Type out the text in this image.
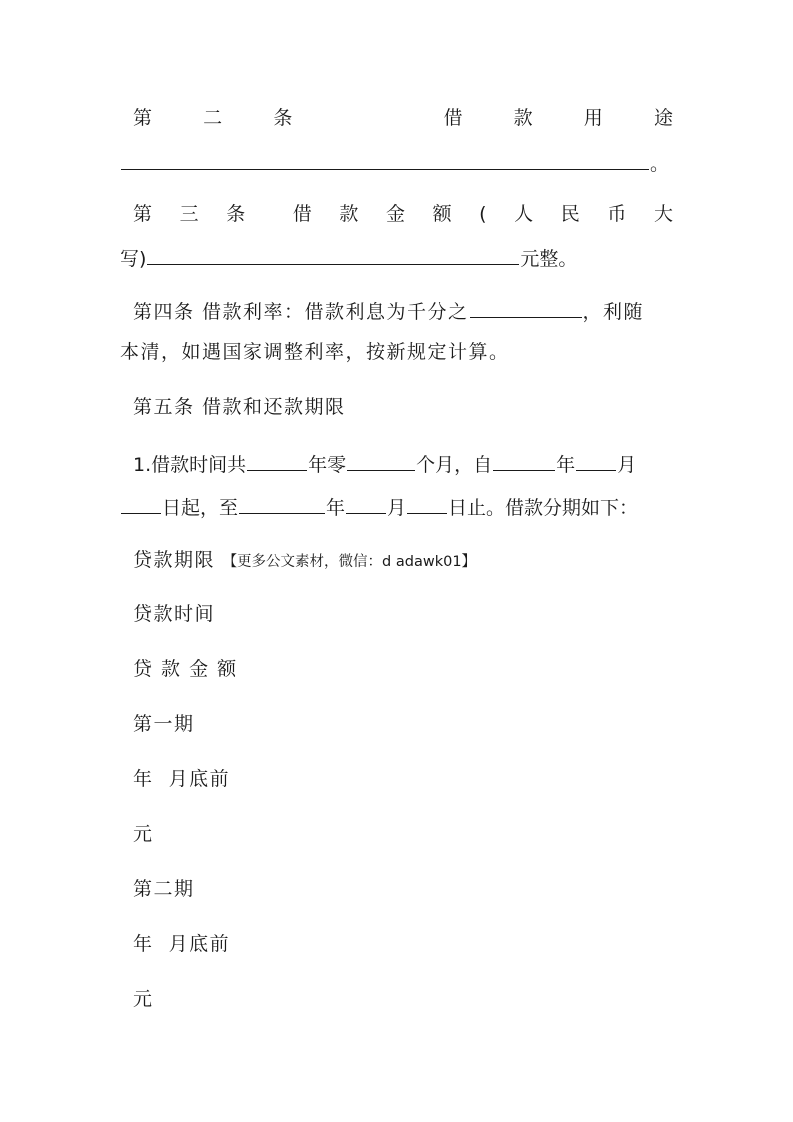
第	二	条	借	款	用	途
。
第 三 条	借 款 金 额 ( 人 民 币 大
写)	元整。
第四条 借款利率：借款利息为千分之	，利随
本清，如遇国家调整利率，按新规定计算。
第五条 借款和还款期限
1.借款时间共	年零	个月，自	年 月
日起，至	年 月 日止。借款分期如下：
贷款期限 【更多公文素材，微信：d adawk01】
贷款时间
贷 款 金 额
第一期
年  月底前
元
第二期
年  月底前
元
